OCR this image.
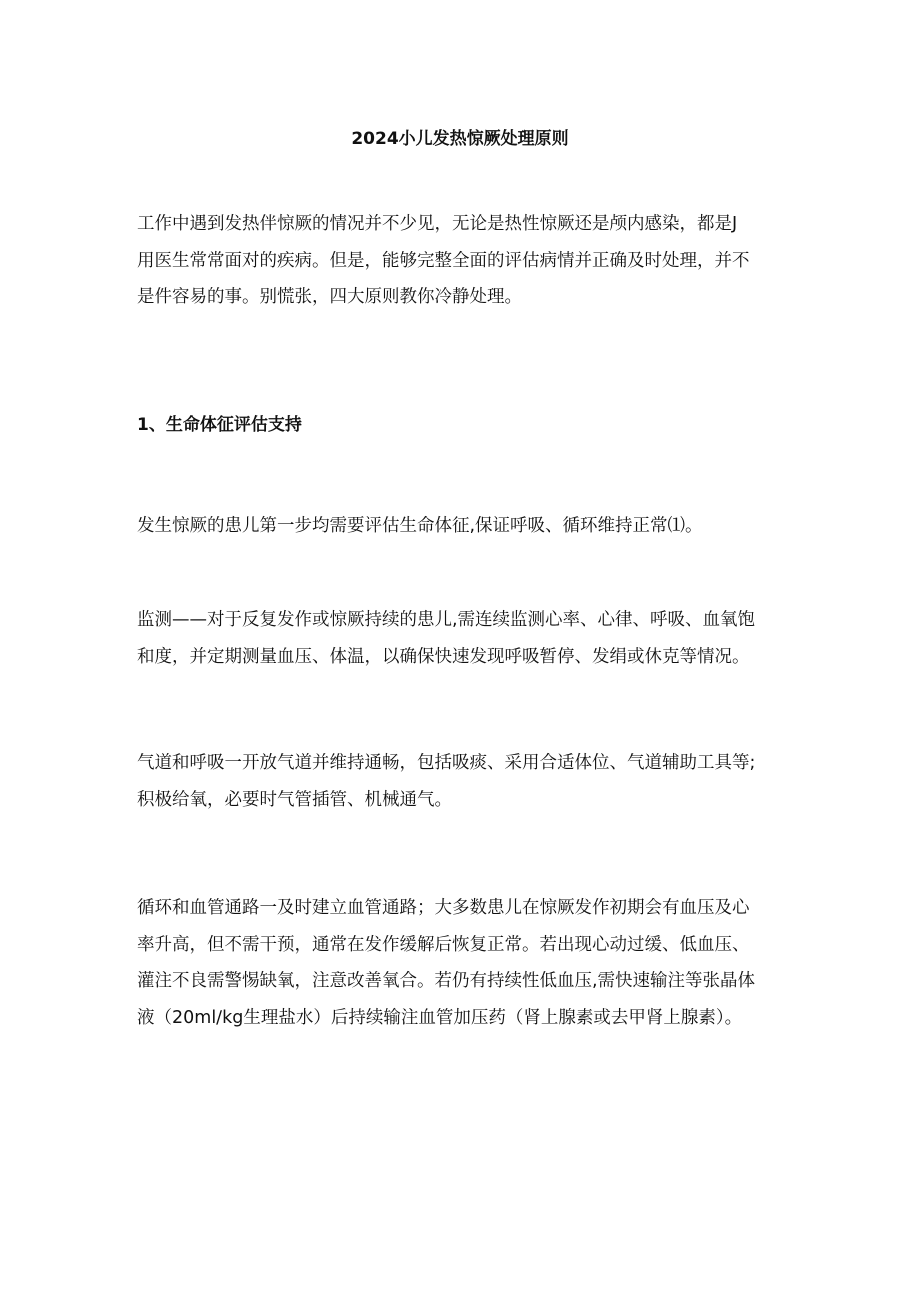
2024小儿发热惊厥处理原则

工作中遇到发热伴惊厥的情况并不少见，无论是热性惊厥还是颅内感染，都是J
用医生常常面对的疾病。但是，能够完整全面的评估病情并正确及时处理，并不
是件容易的事。别慌张，四大原则教你冷静处理。

1、生命体征评估支持

发生惊厥的患儿第一步均需要评估生命体征,保证呼吸、循环维持正常⑴。

监测——对于反复发作或惊厥持续的患儿,需连续监测心率、心律、呼吸、血氧饱
和度，并定期测量血压、体温，以确保快速发现呼吸暂停、发绢或休克等情况。

气道和呼吸一开放气道并维持通畅，包括吸痰、采用合适体位、气道辅助工具等;
积极给氧，必要时气管插管、机械通气。

循环和血管通路一及时建立血管通路；大多数患儿在惊厥发作初期会有血压及心
率升高，但不需干预，通常在发作缓解后恢复正常。若出现心动过缓、低血压、
灌注不良需警惕缺氧，注意改善氧合。若仍有持续性低血压,需快速输注等张晶体
液（20ml∕kg生理盐水）后持续输注血管加压药（肾上腺素或去甲肾上腺素）。
